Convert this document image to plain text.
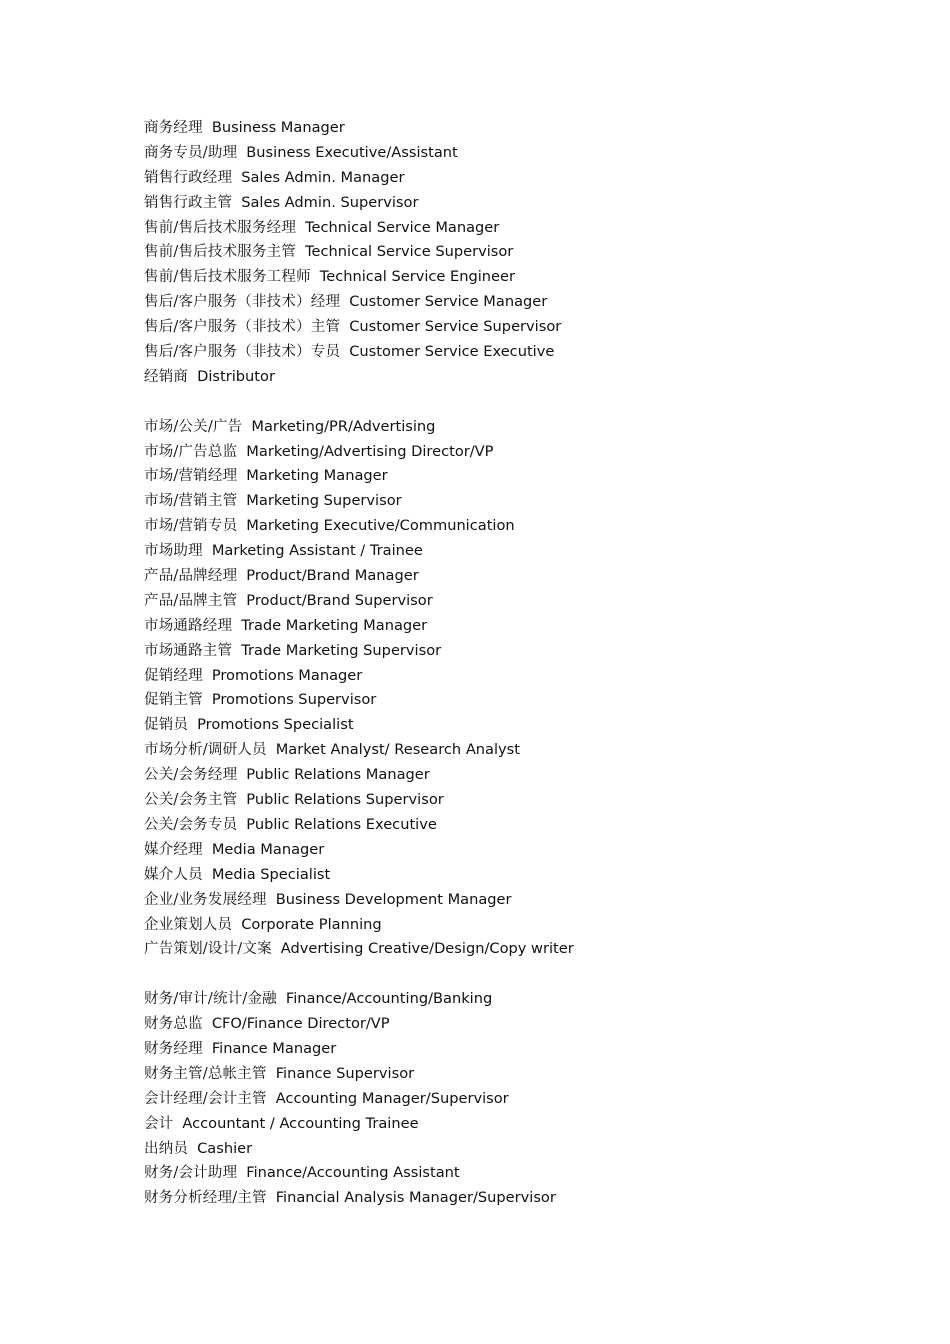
商务经理 Business Manager
商务专员/助理 Business Executive/Assistant
销售行政经理 Sales Admin. Manager
销售行政主管 Sales Admin. Supervisor
售前/售后技术服务经理 Technical Service Manager
售前/售后技术服务主管 Technical Service Supervisor
售前/售后技术服务工程师 Technical Service Engineer
售后/客户服务（非技术）经理 Customer Service Manager
售后/客户服务（非技术）主管 Customer Service Supervisor
售后/客户服务（非技术）专员 Customer Service Executive
经销商 Distributor
市场/公关/广告 Marketing/PR/Advertising
市场/广告总监 Marketing/Advertising Director/VP
市场/营销经理 Marketing Manager
市场/营销主管 Marketing Supervisor
市场/营销专员 Marketing Executive/Communication
市场助理 Marketing Assistant / Trainee
产品/品牌经理 Product/Brand Manager
产品/品牌主管 Product/Brand Supervisor
市场通路经理 Trade Marketing Manager
市场通路主管 Trade Marketing Supervisor
促销经理 Promotions Manager
促销主管 Promotions Supervisor
促销员 Promotions Specialist
市场分析/调研人员 Market Analyst/ Research Analyst
公关/会务经理 Public Relations Manager
公关/会务主管 Public Relations Supervisor
公关/会务专员 Public Relations Executive
媒介经理 Media Manager
媒介人员 Media Specialist
企业/业务发展经理 Business Development Manager
企业策划人员 Corporate Planning
广告策划/设计/文案 Advertising Creative/Design/Copy writer
财务/审计/统计/金融 Finance/Accounting/Banking
财务总监 CFO/Finance Director/VP
财务经理 Finance Manager
财务主管/总帐主管 Finance Supervisor
会计经理/会计主管 Accounting Manager/Supervisor
会计 Accountant / Accounting Trainee
出纳员 Cashier
财务/会计助理 Finance/Accounting Assistant
财务分析经理/主管 Financial Analysis Manager/Supervisor
